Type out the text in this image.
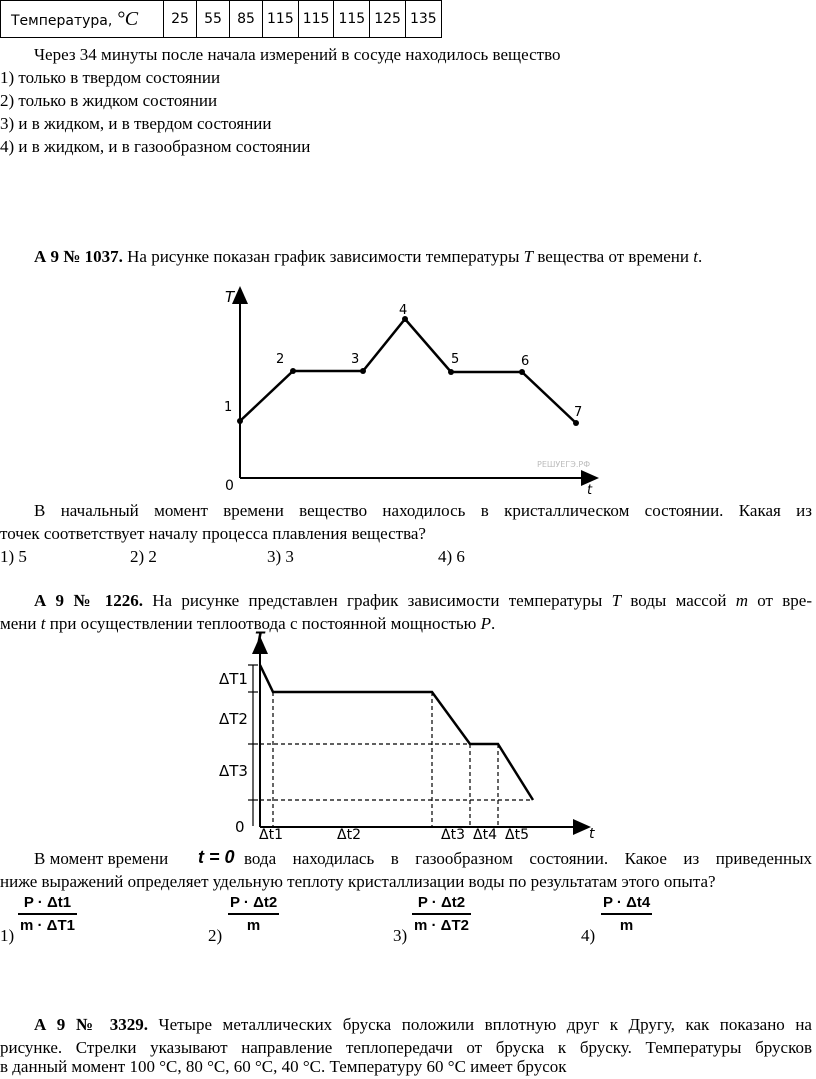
Температура, °C	25	55	85	115	115	115	125	135
Через 34 минуты после начала измерений в сосуде находилось вещество
1) только в твердом состоянии
2) только в жидком состоянии
3) и в жидком, и в твердом состоянии
4) и в жидком, и в газообразном состоянии
А 9 № 1037. На рисунке показан график зависимости температуры T вещества от времени t.
T
t
0
РЕШУЕГЭ.РФ
1
2	3
4
5	6
7
В начальный момент времени вещество находилось в кристаллическом состоянии. Какая из
точек соответствует началу процесса плавления вещества?
1) 5	2) 2	3) 3	4) 6
А 9 № 1226. На рисунке представлен график зависимости температуры T воды массой m от вре-
мени t при осуществлении теплоотвода с постоянной мощностью P.
T
t
0
ΔT1
ΔT2
ΔT3
Δt1	Δt2	Δt3 Δt4 Δt5
В момент времени t = 0 вода находилась в газообразном состоянии. Какое из приведенных
ниже выражений определяет удельную теплоту кристаллизации воды по результатам этого опыта?
1)
P · Δt1
m · ΔT1
2)
P · Δt2
m
3)
P · Δt2
m · ΔT2
4)
P · Δt4
m
А 9 № 3329. Четыре металлических бруска положили вплотную друг к Другу, как показано на
рисунке. Стрелки указывают направление теплопередачи от бруска к бруску. Температуры брусков
в данный момент 100 °С, 80 °С, 60 °С, 40 °С. Температуру 60 °С имеет брусок
